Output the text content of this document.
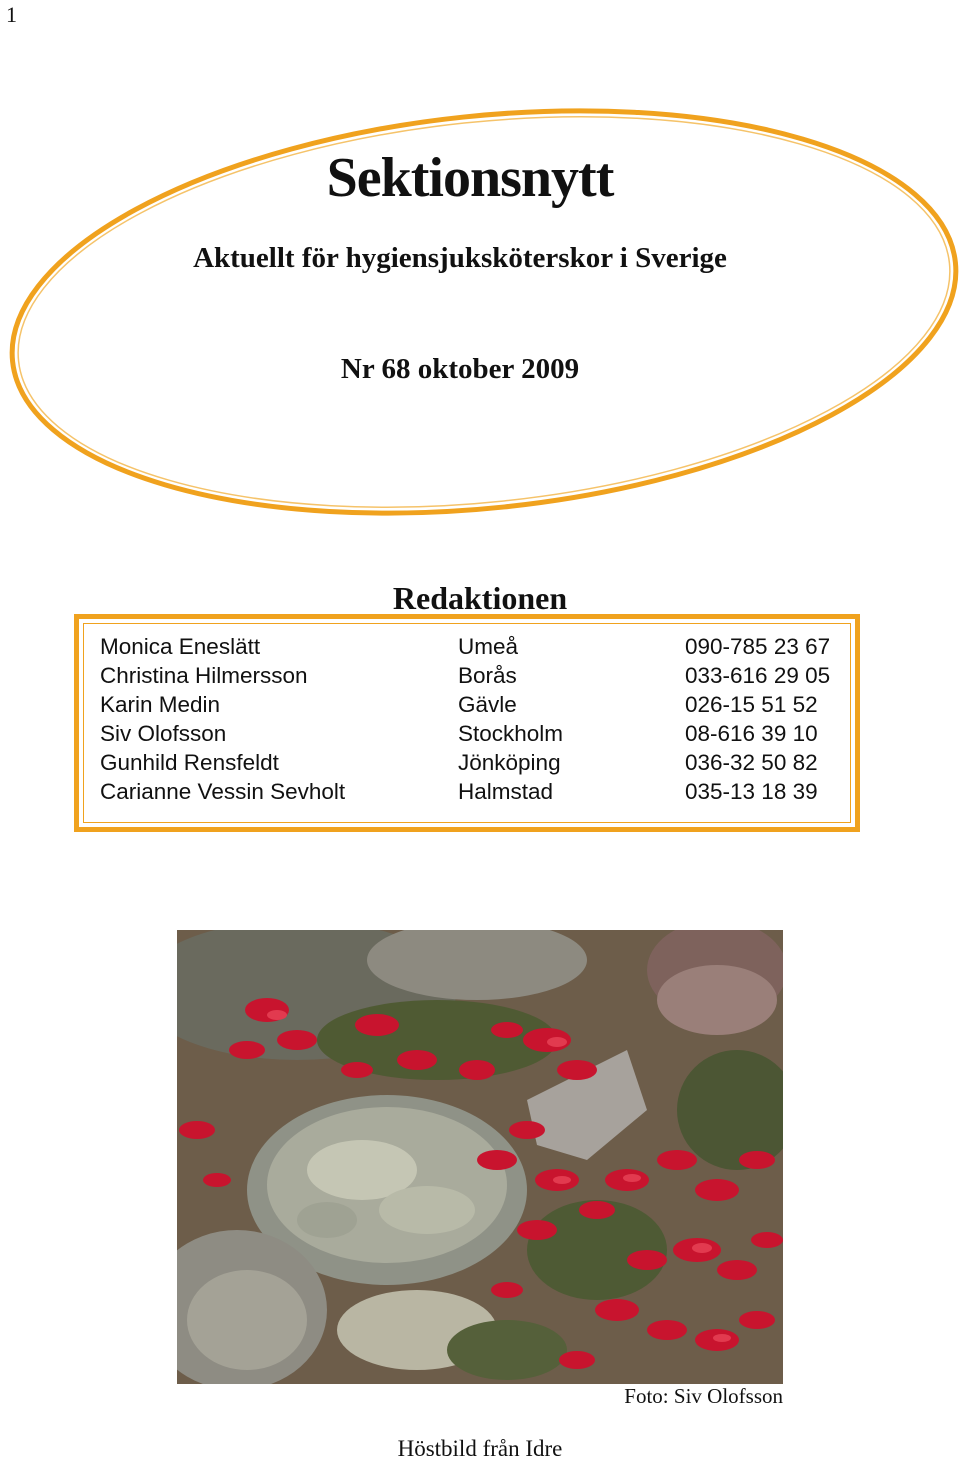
1
Sektionsnytt
Aktuellt för hygiensjuksköterskor i Sverige
Nr 68 oktober 2009
Redaktionen
Monica Eneslätt	Umeå	090-785 23 67
Christina Hilmersson	Borås	033-616 29 05
Karin Medin	Gävle	026-15 51 52
Siv Olofsson	Stockholm	08-616 39 10
Gunhild Rensfeldt	Jönköping	036-32 50 82
Carianne Vessin Sevholt	Halmstad	035-13 18 39
Foto: Siv Olofsson
Höstbild från Idre
